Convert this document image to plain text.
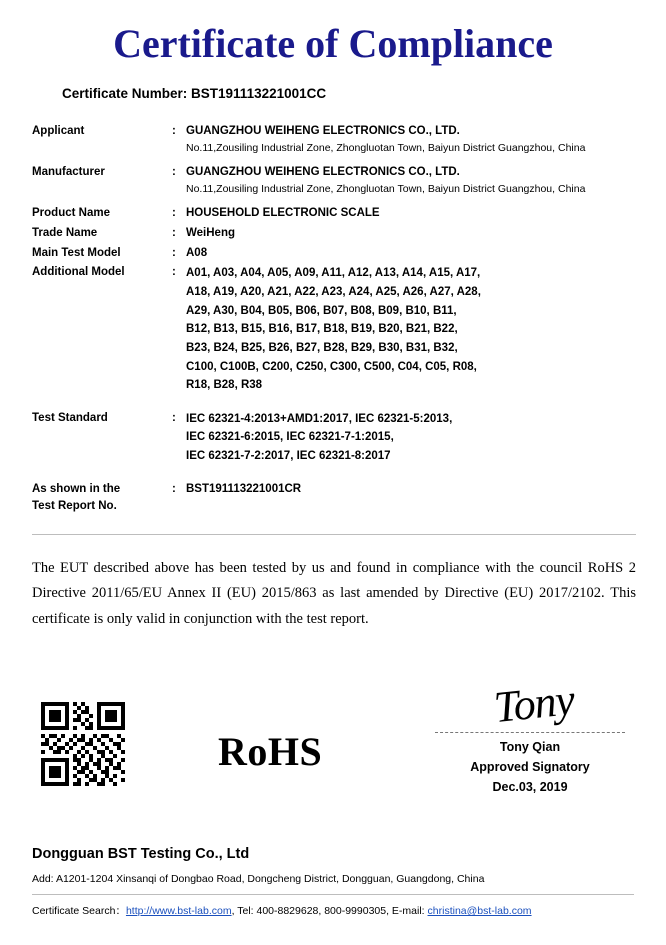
Certificate of Compliance
Certificate Number: BST191113221001CC
Applicant	: GUANGZHOU WEIHENG ELECTRONICS CO., LTD.
No.11,Zousiling Industrial Zone, Zhongluotan Town, Baiyun District Guangzhou, China
Manufacturer	: GUANGZHOU WEIHENG ELECTRONICS CO., LTD.
No.11,Zousiling Industrial Zone, Zhongluotan Town, Baiyun District Guangzhou, China
Product Name	: HOUSEHOLD ELECTRONIC SCALE
Trade Name	: WeiHeng
Main Test Model	: A08
Additional Model	: A01, A03, A04, A05, A09, A11, A12, A13, A14, A15, A17,
A18, A19, A20, A21, A22, A23, A24, A25, A26, A27, A28,
A29, A30, B04, B05, B06, B07, B08, B09, B10, B11,
B12, B13, B15, B16, B17, B18, B19, B20, B21, B22,
B23, B24, B25, B26, B27, B28, B29, B30, B31, B32,
C100, C100B, C200, C250, C300, C500, C04, C05, R08,
R18, B28, R38
Test Standard	: IEC 62321-4:2013+AMD1:2017, IEC 62321-5:2013,
IEC 62321-6:2015, IEC 62321-7-1:2015,
IEC 62321-7-2:2017, IEC 62321-8:2017
As shown in the
Test Report No.
: BST191113221001CR
The EUT described above has been tested by us and found in compliance with the council RoHS 2 Directive 2011/65/EU Annex II (EU) 2015/863 as last amended by Directive (EU) 2017/2102. This certificate is only valid in conjunction with the test report.
RoHS
Tony
Tony Qian
Approved Signatory
Dec.03, 2019
Dongguan BST Testing Co., Ltd
Add: A1201-1204 Xinsanqi of Dongbao Road, Dongcheng District, Dongguan, Guangdong, China
Certificate Search：http://www.bst-lab.com, Tel: 400-8829628, 800-9990305, E-mail: christina@bst-lab.com
